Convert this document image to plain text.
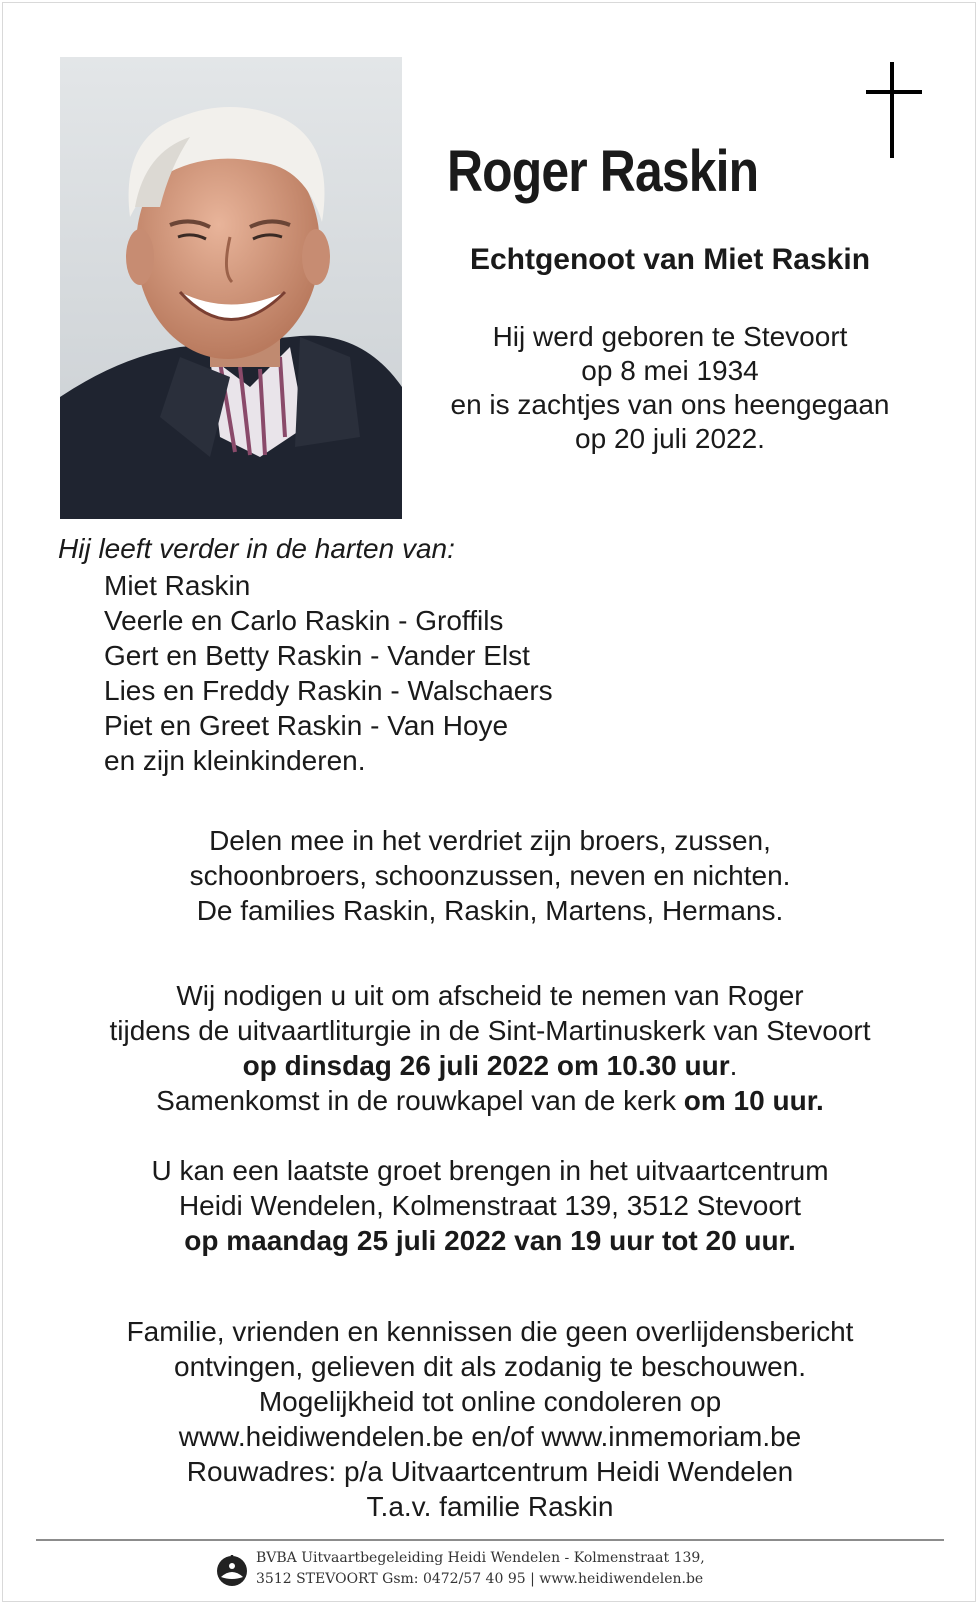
Roger Raskin
Echtgenoot van Miet Raskin
Hij werd geboren te Stevoort
op 8 mei 1934
en is zachtjes van ons heengegaan
op 20 juli 2022.
Hij leeft verder in de harten van:
Miet Raskin
Veerle en Carlo Raskin - Groffils
Gert en Betty Raskin - Vander Elst
Lies en Freddy Raskin - Walschaers
Piet en Greet Raskin - Van Hoye
en zijn kleinkinderen.
Delen mee in het verdriet zijn broers, zussen,
schoonbroers, schoonzussen, neven en nichten.
De families Raskin, Raskin, Martens, Hermans.
Wij nodigen u uit om afscheid te nemen van Roger
tijdens de uitvaartliturgie in de Sint-Martinuskerk van Stevoort
op dinsdag 26 juli 2022 om 10.30 uur.
Samenkomst in de rouwkapel van de kerk om 10 uur.
U kan een laatste groet brengen in het uitvaartcentrum
Heidi Wendelen, Kolmenstraat 139, 3512 Stevoort
op maandag 25 juli 2022 van 19 uur tot 20 uur.
Familie, vrienden en kennissen die geen overlijdensbericht
ontvingen, gelieven dit als zodanig te beschouwen.
Mogelijkheid tot online condoleren op
www.heidiwendelen.be en/of www.inmemoriam.be
Rouwadres: p/a Uitvaartcentrum Heidi Wendelen
T.a.v. familie Raskin
BVBA Uitvaartbegeleiding Heidi Wendelen - Kolmenstraat 139,
3512 STEVOORT Gsm: 0472/57 40 95 | www.heidiwendelen.be
